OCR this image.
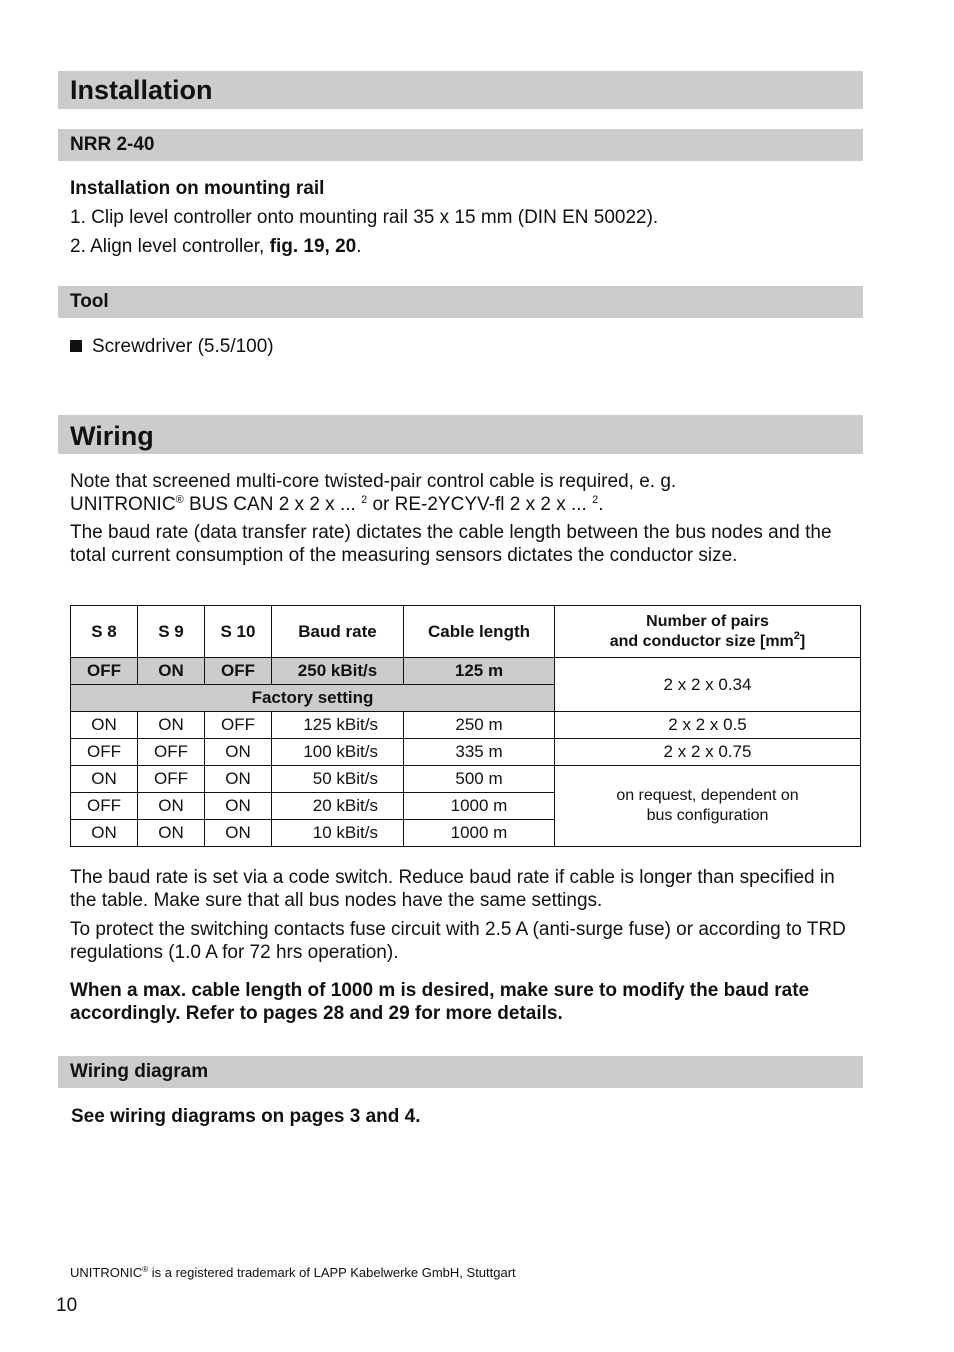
Installation
NRR 2-40
Installation on mounting rail
1. Clip level controller onto mounting rail 35 x 15 mm (DIN EN 50022).
2. Align level controller, fig. 19, 20.
Tool
Screwdriver (5.5/100)
Wiring
Note that screened multi-core twisted-pair control cable is required, e. g.
UNITRONIC® BUS CAN 2 x 2 x ... $^2$ or RE-2YCYV-fl 2 x 2 x ... $^2$.
The baud rate (data transfer rate) dictates the cable length between the bus nodes and the total current consumption of the measuring sensors dictates the conductor size.
S 8	S 9	S 10	Baud rate	Cable length	Number of pairs
and conductor size $[mm^2]$
OFF	ON	OFF	250 kBit/s	125 m	2 x 2 x 0.34
Factory setting					
ON	ON	OFF	125 kBit/s	250 m	2 x 2 x 0.5
OFF	OFF	ON	100 kBit/s	335 m	2 x 2 x 0.75
ON	OFF	ON	50 kBit/s	500 m	on request, dependent on
bus configuration
OFF	ON	ON	20 kBit/s	1000 m	
ON	ON	ON	10 kBit/s	1000 m	
The baud rate is set via a code switch. Reduce baud rate if cable is longer than specified in the table. Make sure that all bus nodes have the same settings.
To protect the switching contacts fuse circuit with 2.5 A (anti-surge fuse) or according to TRD regulations (1.0 A for 72 hrs operation).
When a max. cable length of 1000 m is desired, make sure to modify the baud rate accordingly. Refer to pages 28 and 29 for more details.
Wiring diagram
See wiring diagrams on pages 3 and 4.
UNITRONIC® is a registered trademark of LAPP Kabelwerke GmbH, Stuttgart
10
